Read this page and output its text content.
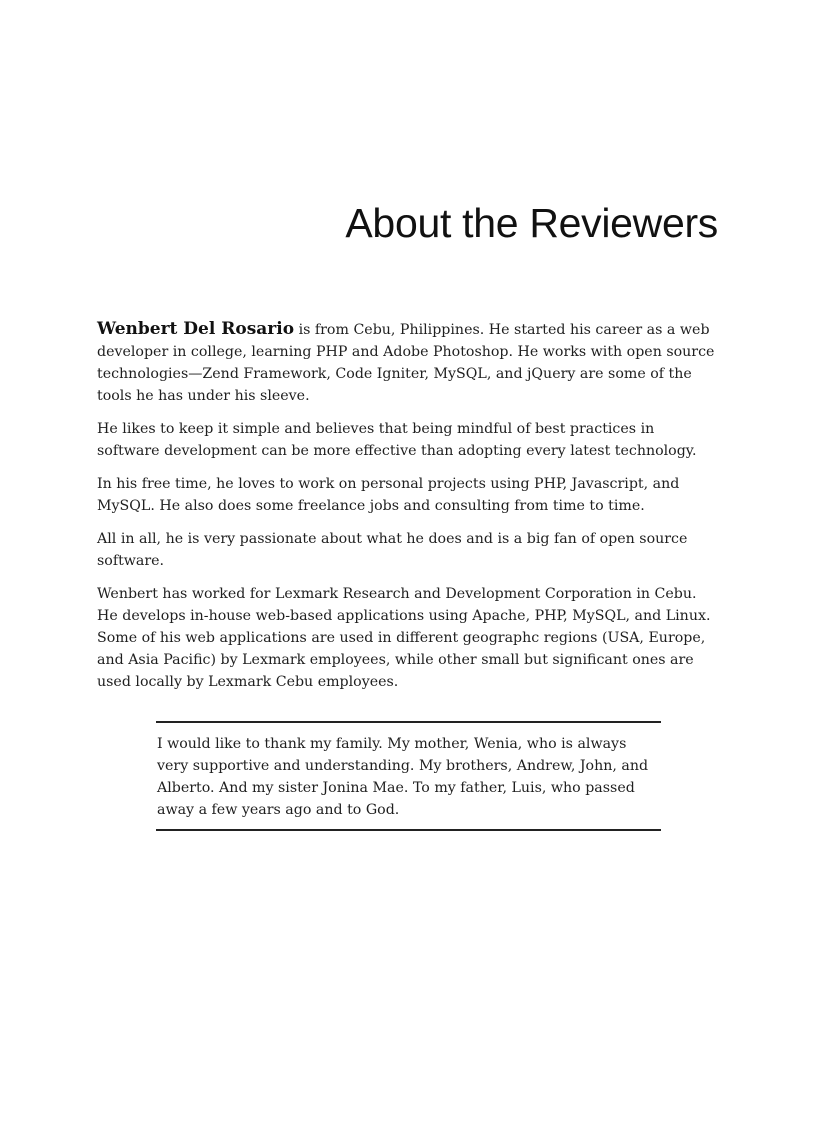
About the Reviewers

Wenbert Del Rosario is from Cebu, Philippines. He started his career as a web developer in college, learning PHP and Adobe Photoshop. He works with open source technologies—Zend Framework, Code Igniter, MySQL, and jQuery are some of the tools he has under his sleeve.

He likes to keep it simple and believes that being mindful of best practices in software development can be more effective than adopting every latest technology.

In his free time, he loves to work on personal projects using PHP, Javascript, and MySQL. He also does some freelance jobs and consulting from time to time.

All in all, he is very passionate about what he does and is a big fan of open source software.

Wenbert has worked for Lexmark Research and Development Corporation in Cebu. He develops in-house web-based applications using Apache, PHP, MySQL, and Linux. Some of his web applications are used in different geographc regions (USA, Europe, and Asia Pacific) by Lexmark employees, while other small but significant ones are used locally by Lexmark Cebu employees.

I would like to thank my family. My mother, Wenia, who is always very supportive and understanding. My brothers, Andrew, John, and Alberto. And my sister Jonina Mae. To my father, Luis, who passed away a few years ago and to God.
